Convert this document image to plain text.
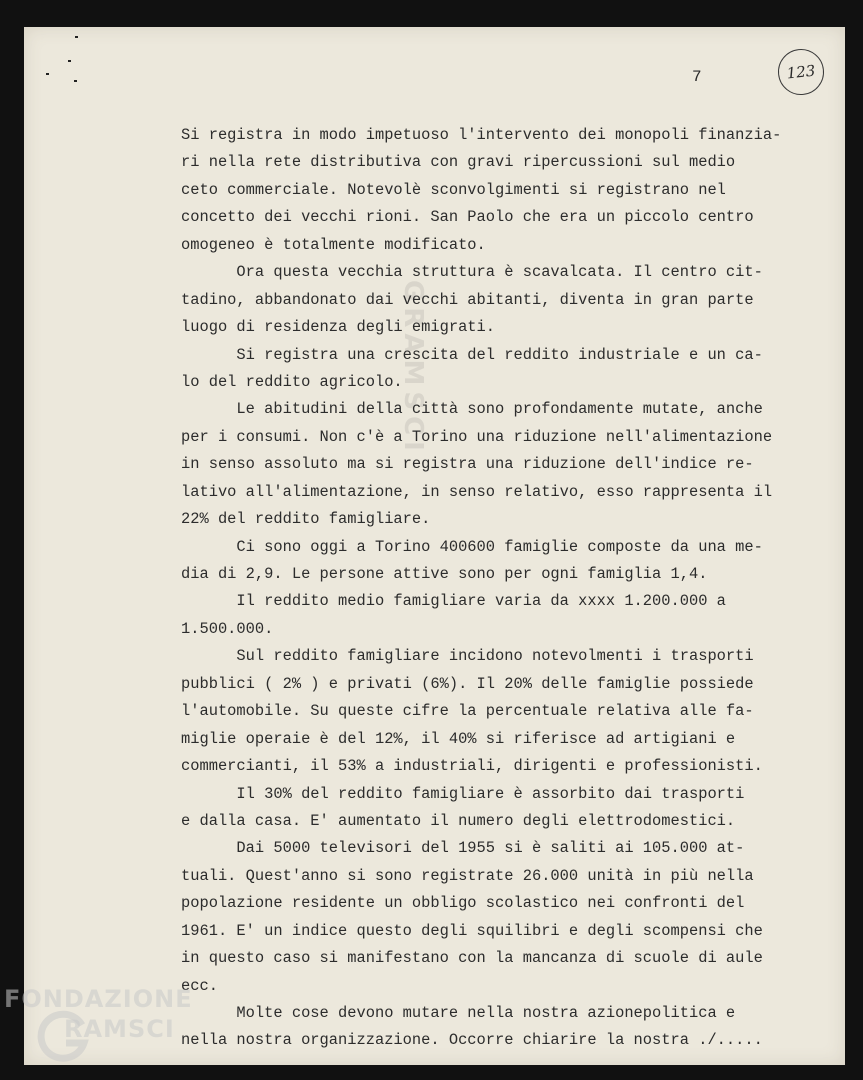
7	123
GRAMSCI
Si registra in modo impetuoso l'intervento dei monopoli finanzia-
ri nella rete distributiva con gravi ripercussioni sul medio
ceto commerciale. Notevolè sconvolgimenti si registrano nel
concetto dei vecchi rioni. San Paolo che era un piccolo centro
omogeneo è totalmente modificato.
Ora questa vecchia struttura è scavalcata. Il centro cit-
tadino, abbandonato dai vecchi abitanti, diventa in gran parte
luogo di residenza degli emigrati.
Si registra una crescita del reddito industriale e un ca-
lo del reddito agricolo.
Le abitudini della città sono profondamente mutate, anche
per i consumi. Non c'è a Torino una riduzione nell'alimentazione
in senso assoluto ma si registra una riduzione dell'indice re-
lativo all'alimentazione, in senso relativo, esso rappresenta il
22% del reddito famigliare.
Ci sono oggi a Torino 400600 famiglie composte da una me-
dia di 2,9. Le persone attive sono per ogni famiglia 1,4.
Il reddito medio famigliare varia da xxxx 1.200.000 a
1.500.000.
Sul reddito famigliare incidono notevolmenti i trasporti
pubblici ( 2% ) e privati (6%). Il 20% delle famiglie possiede
l'automobile. Su queste cifre la percentuale relativa alle fa-
miglie operaie è del 12%, il 40% si riferisce ad artigiani e
commercianti, il 53% a industriali, dirigenti e professionisti.
Il 30% del reddito famigliare è assorbito dai trasporti
e dalla casa. E' aumentato il numero degli elettrodomestici.
Dai 5000 televisori del 1955 si è saliti ai 105.000 at-
tuali. Quest'anno si sono registrate 26.000 unità in più nella
popolazione residente un obbligo scolastico nei confronti del
1961. E' un indice questo degli squilibri e degli scompensi che
in questo caso si manifestano con la mancanza di scuole di aule
ecc.
Molte cose devono mutare nella nostra azionepolitica e
nella nostra organizzazione. Occorre chiarire la nostra ./.....
FONDAZIONE
RAMSCI
